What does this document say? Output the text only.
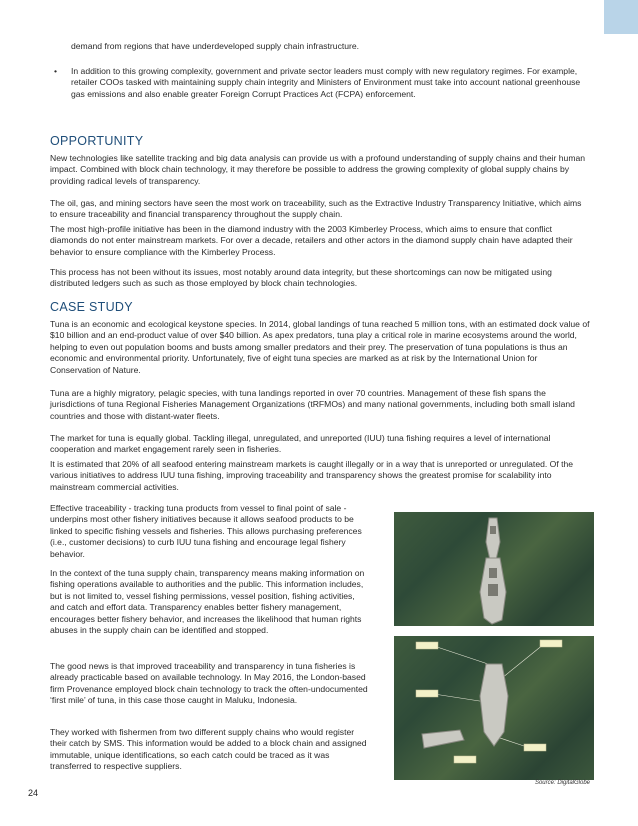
demand from regions that have underdeveloped supply chain infrastructure.

• In addition to this growing complexity, government and private sector leaders must comply with new regulatory regimes. For example, retailer COOs tasked with maintaining supply chain integrity and Ministers of Environment must take into account national greenhouse gas emissions and also enable greater Foreign Corrupt Practices Act (FCPA) enforcement.

OPPORTUNITY

New technologies like satellite tracking and big data analysis can provide us with a profound understanding of supply chains and their human impact. Combined with block chain technology, it may therefore be possible to address the growing complexity of global supply chains by providing radical levels of transparency.

The oil, gas, and mining sectors have seen the most work on traceability, such as the Extractive Industry Transparency Initiative, which aims to ensure traceability and financial transparency throughout the supply chain.

The most high-profile initiative has been in the diamond industry with the 2003 Kimberley Process, which aims to ensure that conflict diamonds do not enter mainstream markets. For over a decade, retailers and other actors in the diamond supply chain have adapted their behavior to ensure compliance with the Kimberley Process.

This process has not been without its issues, most notably around data integrity, but these shortcomings can now be mitigated using distributed ledgers such as such as those employed by block chain technologies.

CASE STUDY

Tuna is an economic and ecological keystone species. In 2014, global landings of tuna reached 5 million tons, with an estimated dock value of $10 billion and an end-product value of over $40 billion. As apex predators, tuna play a critical role in marine ecosystems around the world, helping to even out population booms and busts among smaller predators and their prey. The preservation of tuna populations is thus an economic and environmental priority. Unfortunately, five of eight tuna species are marked as at risk by the International Union for Conservation of Nature.

Tuna are a highly migratory, pelagic species, with tuna landings reported in over 70 countries. Management of these fish spans the jurisdictions of tuna Regional Fisheries Management Organizations (tRFMOs) and many national governments, including both small island countries and those with distant-water fleets.

The market for tuna is equally global. Tackling illegal, unregulated, and unreported (IUU) tuna fishing requires a level of international cooperation and market engagement rarely seen in fisheries.

It is estimated that 20% of all seafood entering mainstream markets is caught illegally or in a way that is unreported or unregulated. Of the various initiatives to address IUU tuna fishing, improving traceability and transparency shows the greatest promise for scalability into mainstream commercial activities.

Effective traceability - tracking tuna products from vessel to final point of sale - underpins most other fishery initiatives because it allows seafood products to be linked to specific fishing vessels and fisheries. This allows purchasing preferences (i.e., customer decisions) to curb IUU tuna fishing and encourage legal fishery behavior.

In the context of the tuna supply chain, transparency means making information on fishing operations available to authorities and the public. This information includes, but is not limited to, vessel fishing permissions, vessel position, fishing activities, and catch and effort data. Transparency enables better fishery management, encourages better fishery behavior, and increases the likelihood that human rights abuses in the supply chain can be identified and stopped.

The good news is that improved traceability and transparency in tuna fisheries is already practicable based on available technology. In May 2016, the London-based firm Provenance employed block chain technology to track the often-undocumented ‘first mile’ of tuna, in this case those caught in Maluku, Indonesia.

They worked with fishermen from two different supply chains who would register their catch by SMS. This information would be added to a block chain and assigned immutable, unique identifications, so each catch could be traced as it was transferred to respective suppliers.

Source: DigitalGlobe
24
